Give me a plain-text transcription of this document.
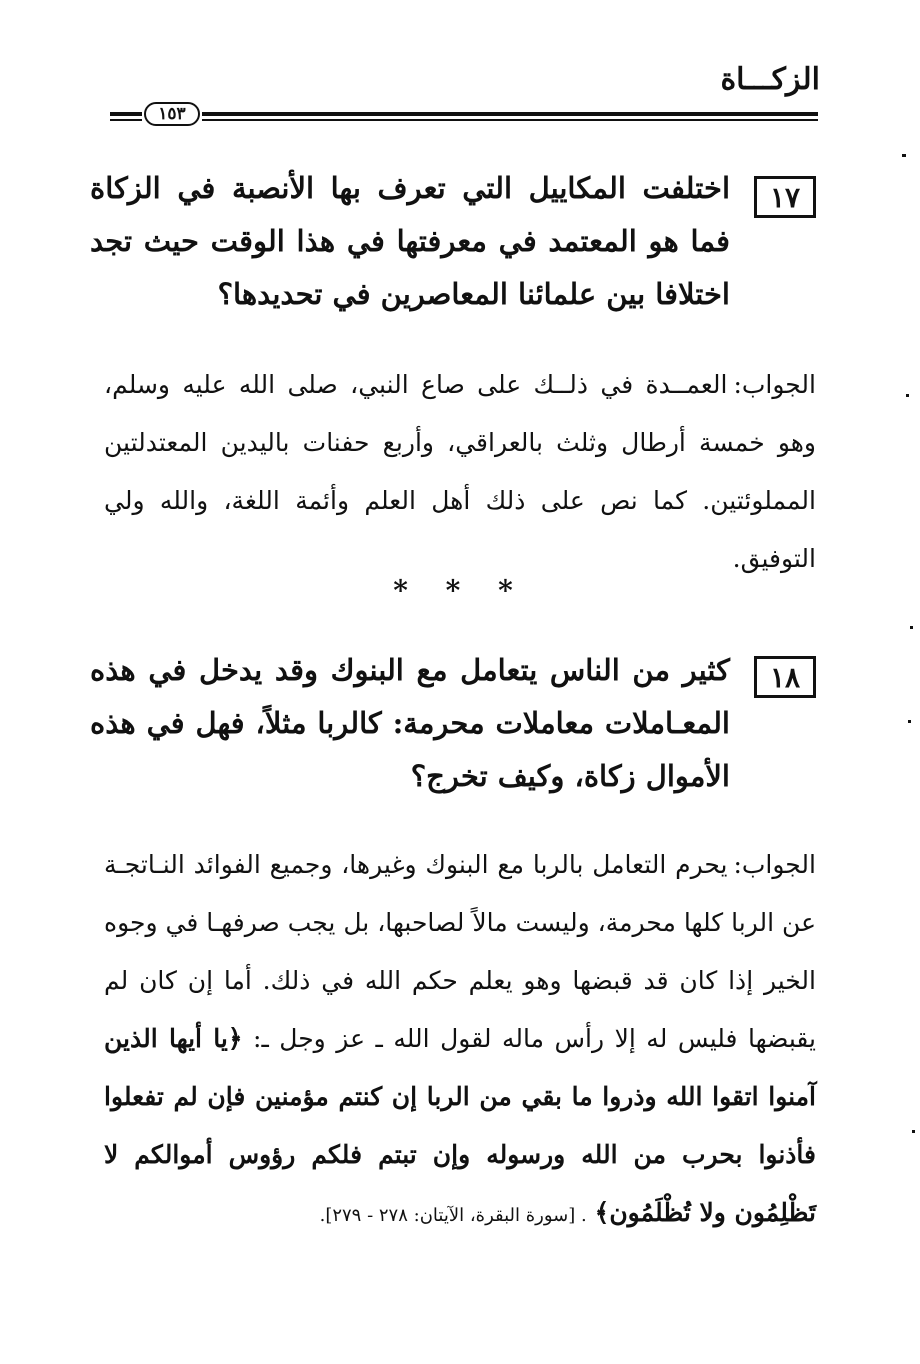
الزكـــاة
١٥٣
١٧
اختلفت المكاييل التي تعرف بها الأنصبة في الزكاة فما هو المعتمد في معرفتها في هذا الوقت حيث تجد اختلافا بين علمائنا المعاصرين في تحديدها؟
الجواب:العمــدة في ذلــك على صاع النبي، صلى الله عليه وسلم، وهو خمسة أرطال وثلث بالعراقي، وأربع حفنات باليدين المعتدلتين المملوئتين. كما نص على ذلك أهل العلم وأئمة اللغة، والله ولي التوفيق.
* * *
١٨
كثير من الناس يتعامل مع البنوك وقد يدخل في هذه المعـاملات معاملات محرمة: كالربا مثلاً، فهل في هذه الأموال زكاة، وكيف تخرج؟
الجواب:يحرم التعامل بالربا مع البنوك وغيرها، وجميع الفوائد النـاتجـة عن الربا كلها محرمة، وليست مالاً لصاحبها، بل يجب صرفهـا في وجوه الخير إذا كان قد قبضها وهو يعلم حكم الله في ذلك. أما إن كان لم يقبضها فليس له إلا رأس ماله لقول الله ـ عز وجل ـ: ﴿يا أيها الذين آمنوا اتقوا الله وذروا ما بقي من الربا إن كنتم مؤمنين فإن لم تفعلوا فأذنوا بحرب من الله ورسوله وإن تبتم فلكم رؤوس أموالكم لا تَظْلِمُون ولا تُظْلَمُون﴾ . [سورة البقرة، الآيتان: ٢٧٨ - ٢٧٩].
